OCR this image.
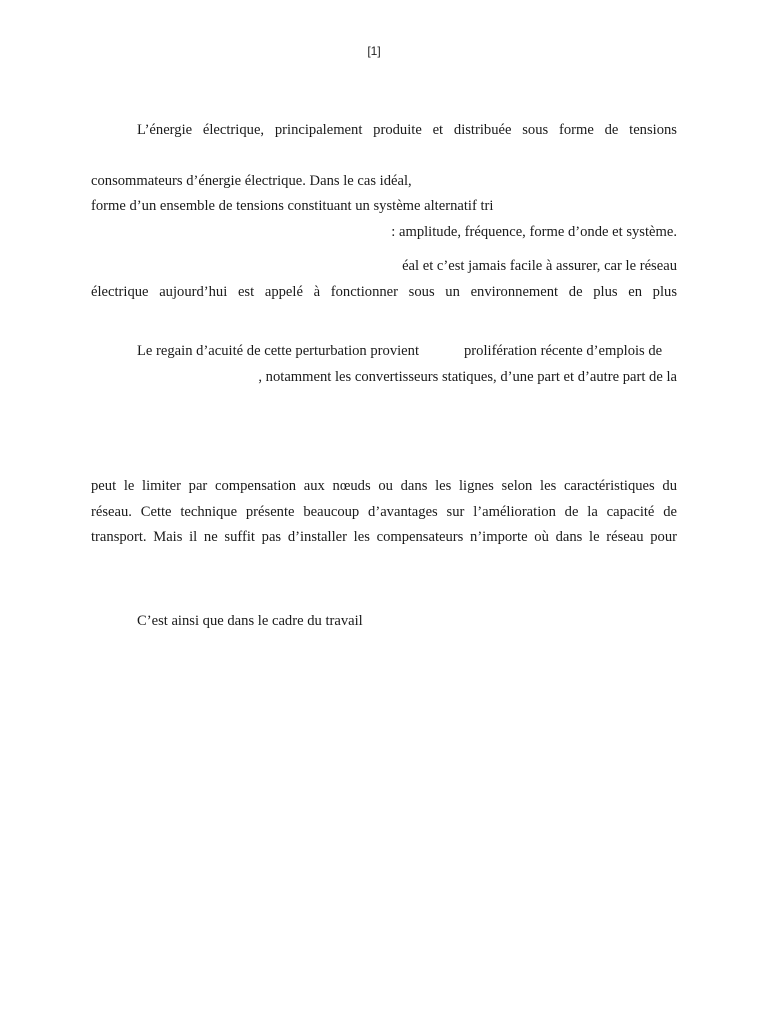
[1]
L’énergie électrique, principalement produite et distribuée sous forme de tensions
consommateurs d’énergie électrique. Dans le cas idéal,
forme d’un ensemble de tensions constituant un système alternatif tri
: amplitude, fréquence, forme d’onde et système.
éal et c’est jamais facile à assurer, car le réseau
électrique aujourd’hui est appelé à fonctionner sous un environnement de plus en plus
Le regain d’acuité de cette perturbation provient	prolifération récente d’emplois de
, notamment les convertisseurs statiques, d’une part et d’autre part de la
peut le limiter par compensation aux nœuds ou dans les lignes selon les caractéristiques du
réseau. Cette technique présente beaucoup d’avantages sur l’amélioration de la capacité de
transport. Mais il ne suffit pas d’installer les compensateurs n’importe où dans le réseau pour
C’est ainsi que dans le cadre du travail
